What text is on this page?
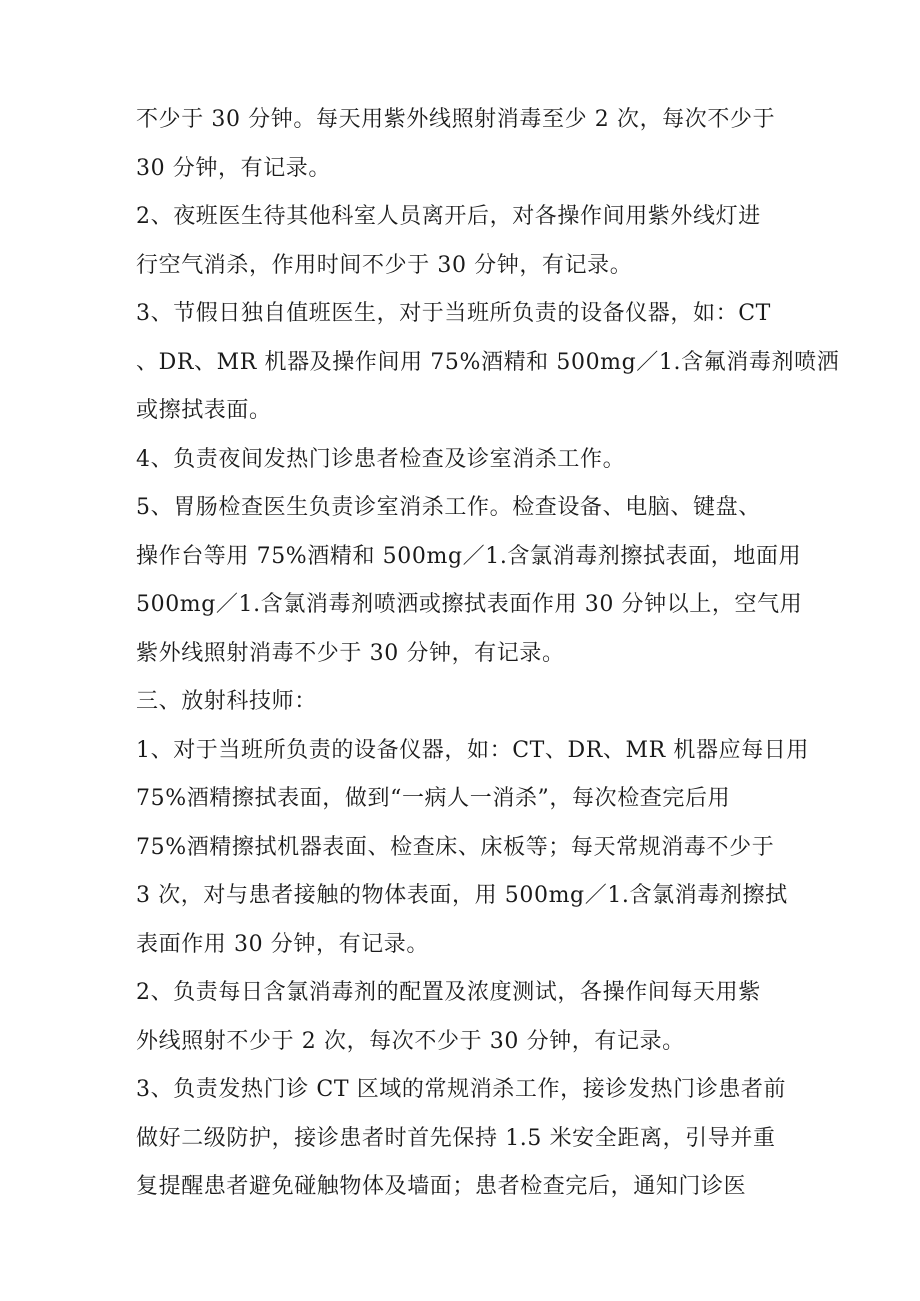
不少于 30 分钟。每天用紫外线照射消毒至少 2 次，每次不少于
30 分钟，有记录。
2、夜班医生待其他科室人员离开后，对各操作间用紫外线灯进
行空气消杀，作用时间不少于 30 分钟，有记录。
3、节假日独自值班医生，对于当班所负责的设备仪器，如：CT
、DR、MR 机器及操作间用 75%酒精和 500mg／1.含氟消毒剂喷洒
或擦拭表面。
4、负责夜间发热门诊患者检查及诊室消杀工作。
5、胃肠检查医生负责诊室消杀工作。检查设备、电脑、键盘、
操作台等用 75%酒精和 500mg／1.含氯消毒剂擦拭表面，地面用
500mg／1.含氯消毒剂喷洒或擦拭表面作用 30 分钟以上，空气用
紫外线照射消毒不少于 30 分钟，有记录。
三、放射科技师：
1、对于当班所负责的设备仪器，如：CT、DR、MR 机器应每日用
75%酒精擦拭表面，做到“一病人一消杀”，每次检查完后用
75%酒精擦拭机器表面、检查床、床板等；每天常规消毒不少于
3 次，对与患者接触的物体表面，用 500mg／1.含氯消毒剂擦拭
表面作用 30 分钟，有记录。
2、负责每日含氯消毒剂的配置及浓度测试，各操作间每天用紫
外线照射不少于 2 次，每次不少于 30 分钟，有记录。
3、负责发热门诊 CT 区域的常规消杀工作，接诊发热门诊患者前
做好二级防护，接诊患者时首先保持 1.5 米安全距离，引导并重
复提醒患者避免碰触物体及墙面；患者检查完后，通知门诊医
